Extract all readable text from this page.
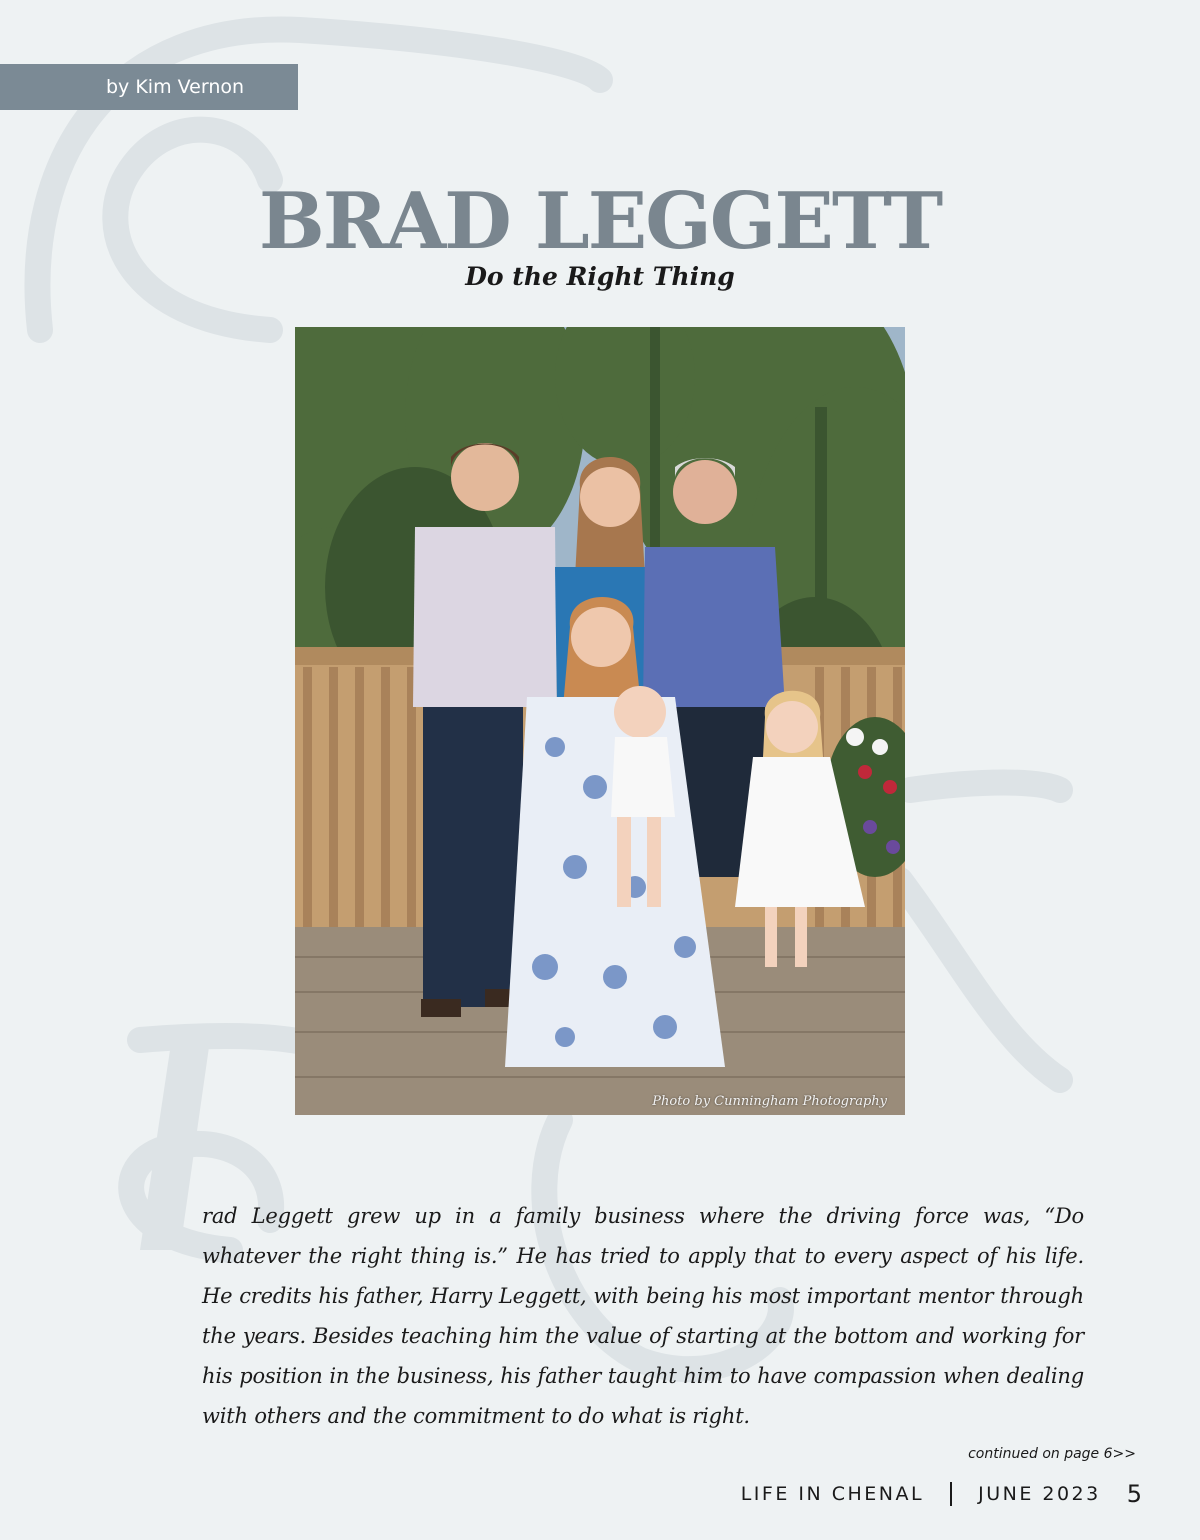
by Kim Vernon
BRAD LEGGETT
Do the Right Thing
Photo by Cunningham Photography

rad Leggett grew up in a family business where the driving force was, “Do whatever the right thing is.” He has tried to apply that to every aspect of his life. He credits his father, Harry Leggett, with being his most important mentor through the years. Besides teaching him the value of starting at the bottom and working for his position in the business, his father taught him to have compassion when dealing with others and the commitment to do what is right.

continued on page 6>>
LIFE IN CHENAL	JUNE 2023 5
